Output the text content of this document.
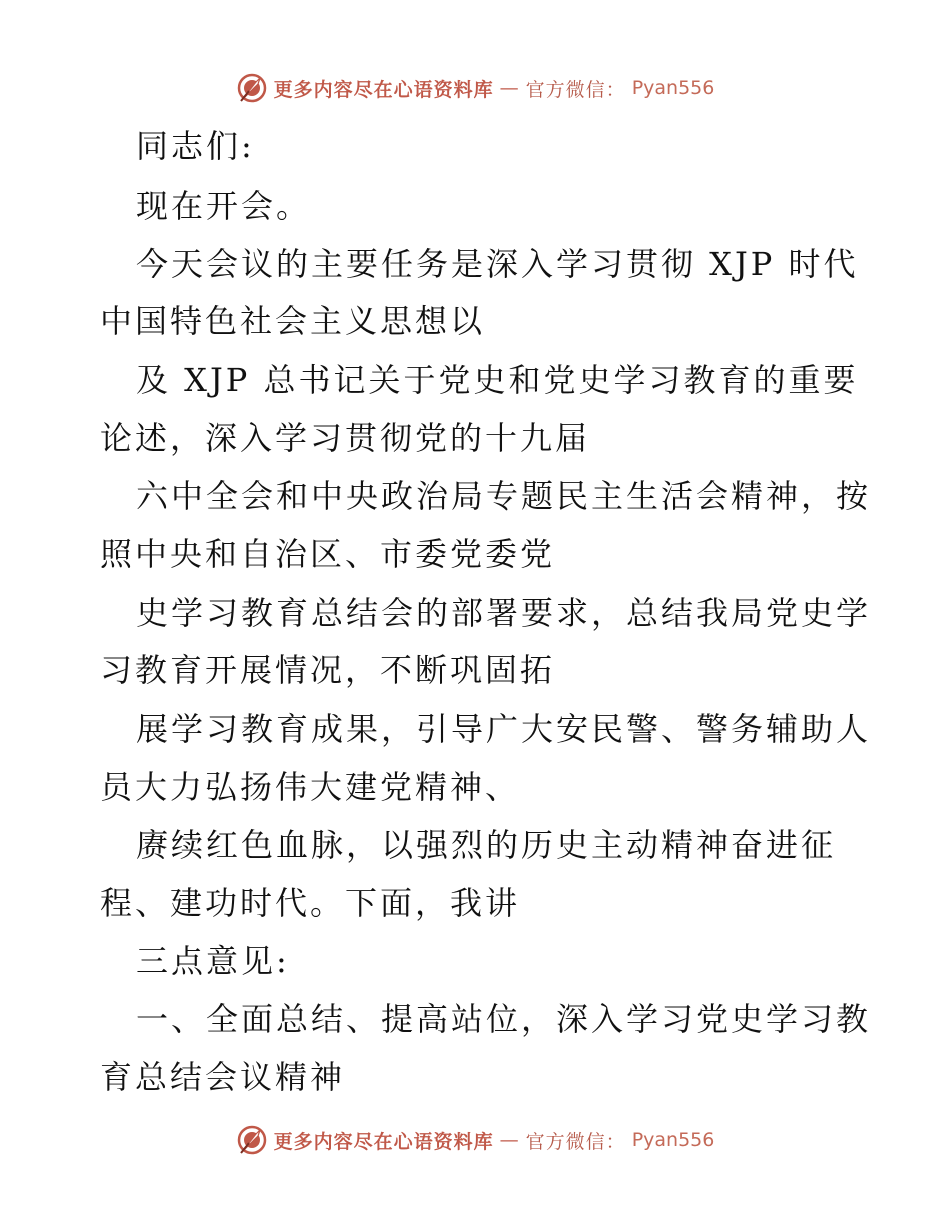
更多内容尽在心语资料库 — 官方微信： Pyan556
同志们:
现在开会。
今天会议的主要任务是深入学习贯彻 XJP 时代
中国特色社会主义思想以
及 XJP 总书记关于党史和党史学习教育的重要
论述，深入学习贯彻党的十九届
六中全会和中央政治局专题民主生活会精神，按
照中央和自治区、市委党委党
史学习教育总结会的部署要求，总结我局党史学
习教育开展情况，不断巩固拓
展学习教育成果，引导广大安民警、警务辅助人
员大力弘扬伟大建党精神、
赓续红色血脉，以强烈的历史主动精神奋进征
程、建功时代。下面，我讲
三点意见:
一、全面总结、提高站位，深入学习党史学习教
育总结会议精神
更多内容尽在心语资料库 — 官方微信： Pyan556
